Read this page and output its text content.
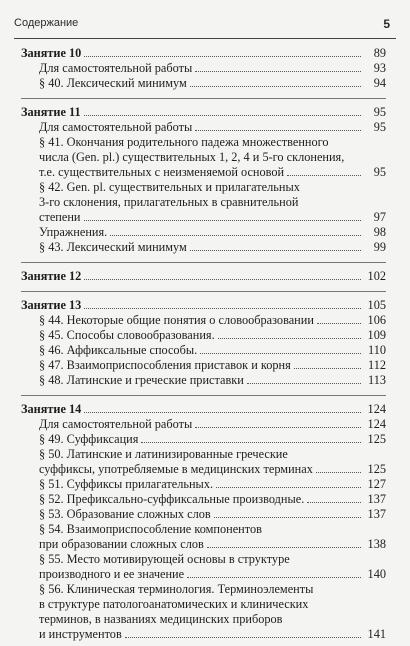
Содержание	5
Занятие 10	89
Для самостоятельной работы	93
§ 40. Лексический минимум	94
Занятие 11	95
Для самостоятельной работы	95
§ 41. Окончания родительного падежа множественного
числа (Gen. pl.) существительных 1, 2, 4 и 5-го склонения,
т.е. существительных с неизменяемой основой	95
§ 42. Gen. pl. существительных и прилагательных
3-го склонения, прилагательных в сравнительной
степени	97
Упражнения.	98
§ 43. Лексический минимум	99
Занятие 12	102
Занятие 13	105
§ 44. Некоторые общие понятия о словообразовании	106
§ 45. Способы словообразования.	109
§ 46. Аффиксальные способы.	110
§ 47. Взаимоприспособления приставок и корня	112
§ 48. Латинские и греческие приставки	113
Занятие 14	124
Для самостоятельной работы	124
§ 49. Суффиксация	125
§ 50. Латинские и латинизированные греческие
суффиксы, употребляемые в медицинских терминах	125
§ 51. Суффиксы прилагательных.	127
§ 52. Префиксально-суффиксальные производные.	137
§ 53. Образование сложных слов	137
§ 54. Взаимоприспособление компонентов
при образовании сложных слов	138
§ 55. Место мотивирующей основы в структуре
производного и ее значение	140
§ 56. Клиническая терминология. Терминоэлементы
в структуре патологоанатомических и клинических
терминов, в названиях медицинских приборов
и инструментов	141
